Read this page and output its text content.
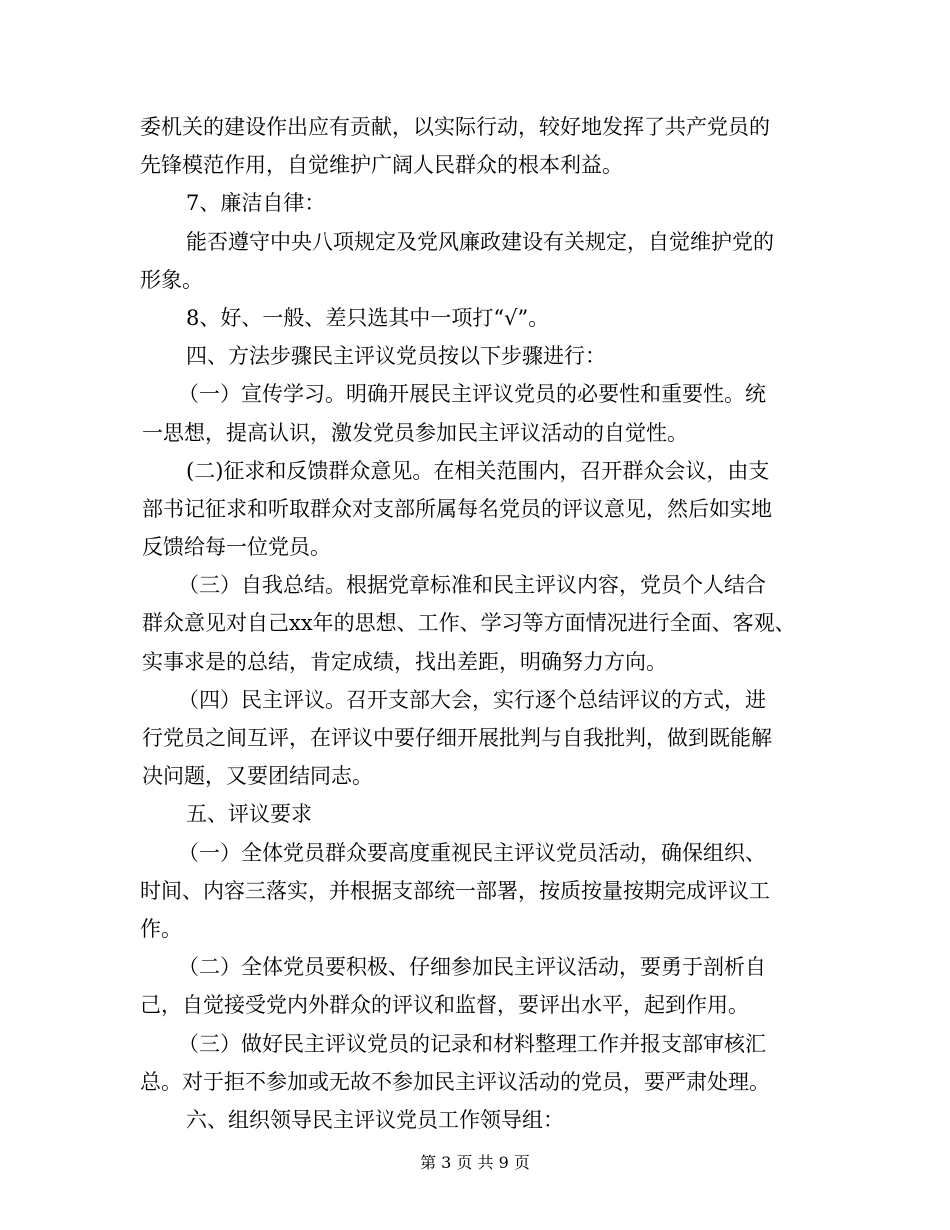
委机关的建设作出应有贡献，以实际行动，较好地发挥了共产党员的
先锋模范作用，自觉维护广阔人民群众的根本利益。
7、廉洁自律：
能否遵守中央八项规定及党风廉政建设有关规定，自觉维护党的
形象。
8、好、一般、差只选其中一项打“√”。
四、方法步骤民主评议党员按以下步骤进行：
（一）宣传学习。明确开展民主评议党员的必要性和重要性。统
一思想，提高认识，激发党员参加民主评议活动的自觉性。
(二)征求和反馈群众意见。在相关范围内，召开群众会议，由支
部书记征求和听取群众对支部所属每名党员的评议意见，然后如实地
反馈给每一位党员。
（三）自我总结。根据党章标准和民主评议内容，党员个人结合
群众意见对自己xx年的思想、工作、学习等方面情况进行全面、客观、
实事求是的总结，肯定成绩，找出差距，明确努力方向。
（四）民主评议。召开支部大会，实行逐个总结评议的方式，进
行党员之间互评，在评议中要仔细开展批判与自我批判，做到既能解
决问题，又要团结同志。
五、评议要求
（一）全体党员群众要高度重视民主评议党员活动，确保组织、
时间、内容三落实，并根据支部统一部署，按质按量按期完成评议工
作。
（二）全体党员要积极、仔细参加民主评议活动，要勇于剖析自
己，自觉接受党内外群众的评议和监督，要评出水平，起到作用。
（三）做好民主评议党员的记录和材料整理工作并报支部审核汇
总。对于拒不参加或无故不参加民主评议活动的党员，要严肃处理。
六、组织领导民主评议党员工作领导组：
第 3 页 共 9 页
